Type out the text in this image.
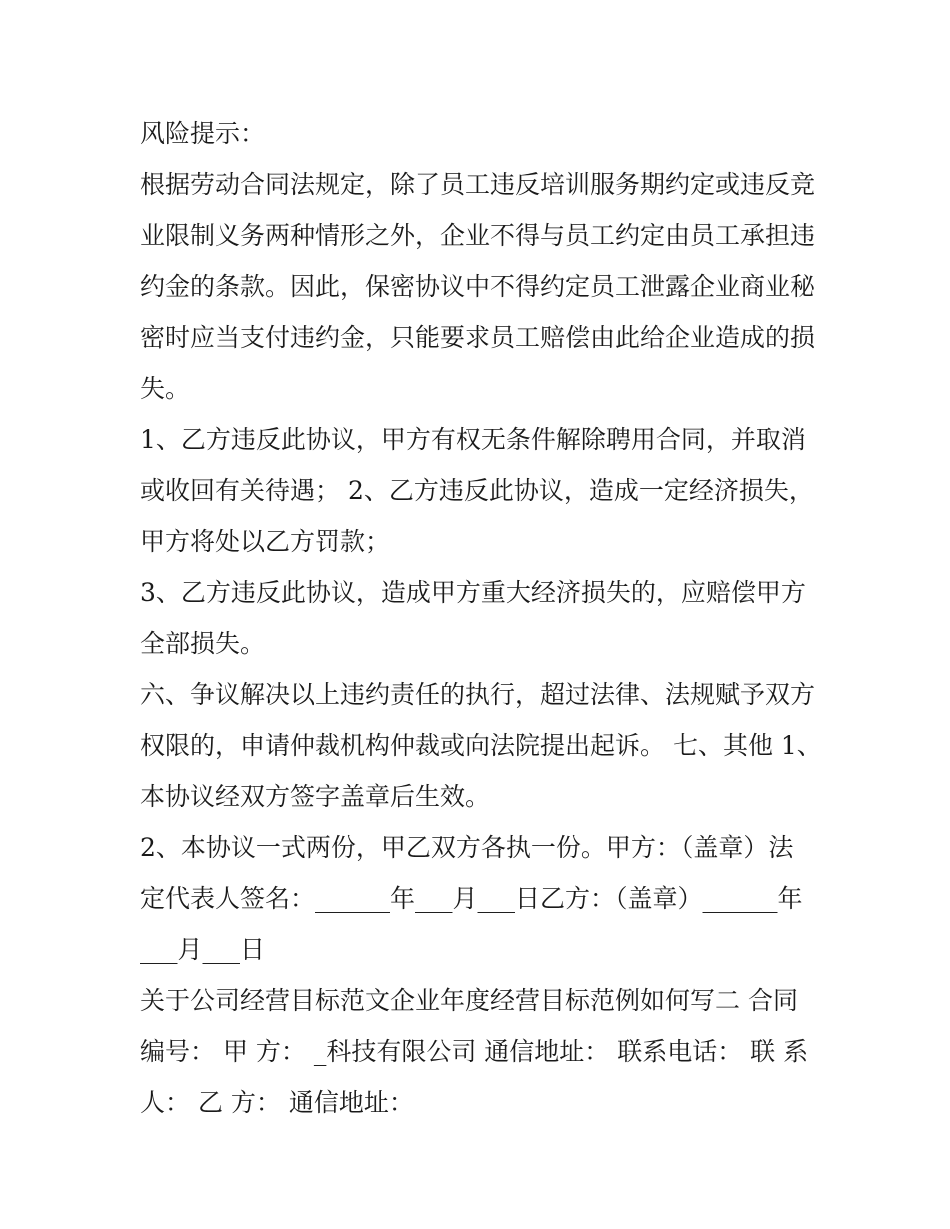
风险提示：
根据劳动合同法规定，除了员工违反培训服务期约定或违反竞
业限制义务两种情形之外，企业不得与员工约定由员工承担违
约金的条款。因此，保密协议中不得约定员工泄露企业商业秘
密时应当支付违约金，只能要求员工赔偿由此给企业造成的损
失。
1、乙方违反此协议，甲方有权无条件解除聘用合同，并取消
或收回有关待遇； 2、乙方违反此协议，造成一定经济损失，
甲方将处以乙方罚款；
3、乙方违反此协议，造成甲方重大经济损失的，应赔偿甲方
全部损失。
六、争议解决以上违约责任的执行，超过法律、法规赋予双方
权限的，申请仲裁机构仲裁或向法院提出起诉。 七、其他 1、
本协议经双方签字盖章后生效。
2、本协议一式两份，甲乙双方各执一份。甲方：（盖章）法
定代表人签名：______年___月___日乙方：（盖章）______年
___月___日
关于公司经营目标范文企业年度经营目标范例如何写二 合同
编号： 甲 方： _科技有限公司 通信地址： 联系电话： 联 系
人： 乙 方： 通信地址：
